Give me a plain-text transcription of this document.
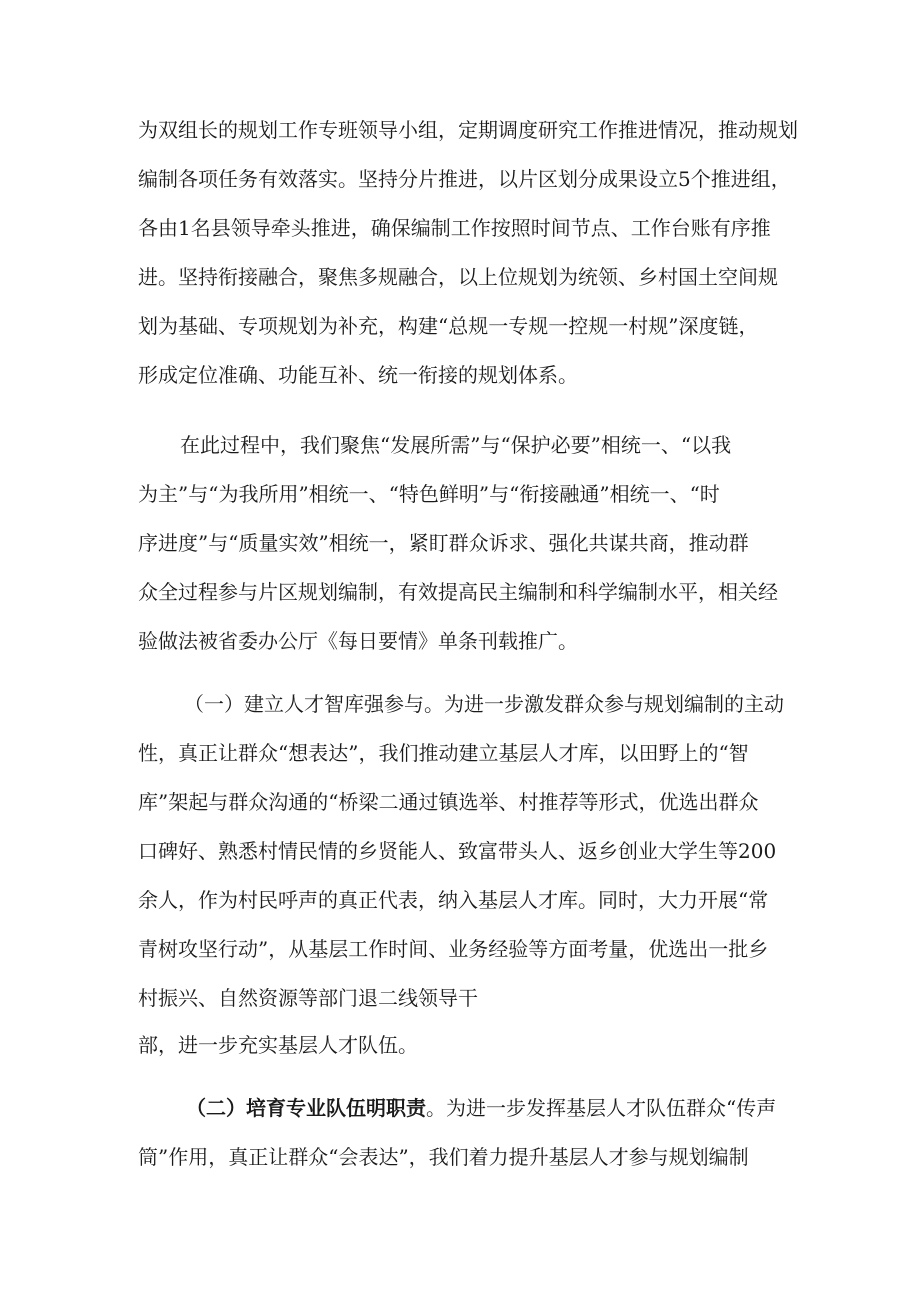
为双组长的规划工作专班领导小组，定期调度研究工作推进情况，推动规划
编制各项任务有效落实。坚持分片推进，以片区划分成果设立5个推进组，
各由1名县领导牵头推进，确保编制工作按照时间节点、工作台账有序推
进。坚持衔接融合，聚焦多规融合，以上位规划为统领、乡村国土空间规
划为基础、专项规划为补充，构建“总规一专规一控规一村规”深度链，
形成定位准确、功能互补、统一衔接的规划体系。
在此过程中，我们聚焦“发展所需”与“保护必要”相统一、“以我
为主”与“为我所用”相统一、“特色鲜明”与“衔接融通”相统一、“时
序进度”与“质量实效”相统一，紧盯群众诉求、强化共谋共商，推动群
众全过程参与片区规划编制，有效提高民主编制和科学编制水平，相关经
验做法被省委办公厅《每日要情》单条刊载推广。
（一）建立人才智库强参与。为进一步激发群众参与规划编制的主动
性，真正让群众“想表达”，我们推动建立基层人才库，以田野上的“智
库”架起与群众沟通的“桥梁二通过镇选举、村推荐等形式，优选出群众
口碑好、熟悉村情民情的乡贤能人、致富带头人、返乡创业大学生等200
余人，作为村民呼声的真正代表，纳入基层人才库。同时，大力开展“常
青树攻坚行动”，从基层工作时间、业务经验等方面考量，优选出一批乡
村振兴、自然资源等部门退二线领导干
部，进一步充实基层人才队伍。
（二）培育专业队伍明职责。为进一步发挥基层人才队伍群众“传声
筒”作用，真正让群众“会表达”，我们着力提升基层人才参与规划编制
